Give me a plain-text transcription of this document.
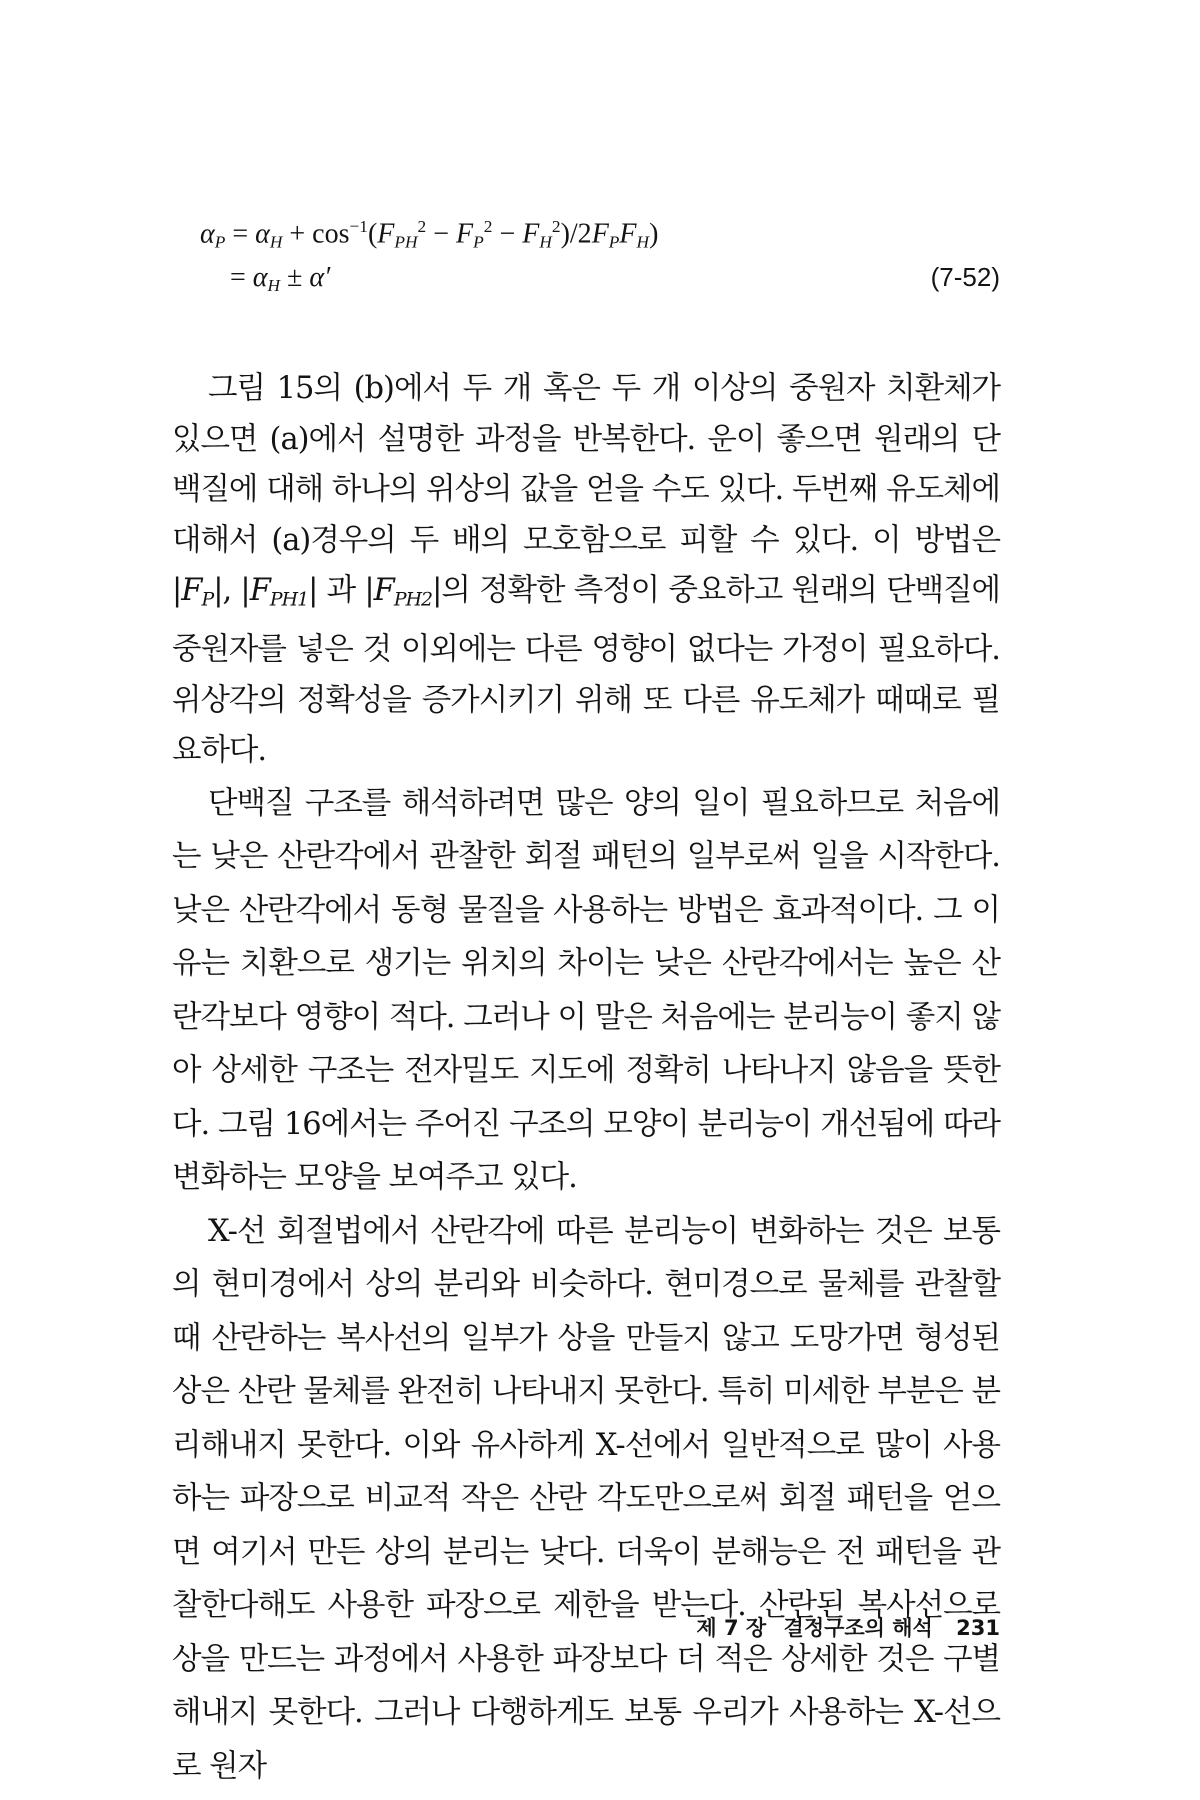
$\alpha_P = \alpha_H + \cos^{-1}(F_{PH}^2 - F_P^2 - F_H^2)/2F_PF_H$)
= $\alpha_H \pm \alpha'$	(7-52)

그림 15의 (b)에서 두 개 혹은 두 개 이상의 중원자 치환체가 있으면 (a)에서 설명한 과정을 반복한다. 운이 좋으면 원래의 단백질에 대해 하나의 위상의 값을 얻을 수도 있다. 두번째 유도체에 대해서 (a)경우의 두 배의 모호함으로 피할 수 있다. 이 방법은 $|F_P|$, $|F_{PH1}|$ 과 $|F_{PH2}|$의 정확한 측정이 중요하고 원래의 단백질에 중원자를 넣은 것 이외에는 다른 영향이 없다는 가정이 필요하다. 위상각의 정확성을 증가시키기 위해 또 다른 유도체가 때때로 필요하다.

단백질 구조를 해석하려면 많은 양의 일이 필요하므로 처음에는 낮은 산란각에서 관찰한 회절 패턴의 일부로써 일을 시작한다. 낮은 산란각에서 동형 물질을 사용하는 방법은 효과적이다. 그 이유는 치환으로 생기는 위치의 차이는 낮은 산란각에서는 높은 산란각보다 영향이 적다. 그러나 이 말은 처음에는 분리능이 좋지 않아 상세한 구조는 전자밀도 지도에 정확히 나타나지 않음을 뜻한다. 그림 16에서는 주어진 구조의 모양이 분리능이 개선됨에 따라 변화하는 모양을 보여주고 있다.

X-선 회절법에서 산란각에 따른 분리능이 변화하는 것은 보통의 현미경에서 상의 분리와 비슷하다. 현미경으로 물체를 관찰할 때 산란하는 복사선의 일부가 상을 만들지 않고 도망가면 형성된 상은 산란 물체를 완전히 나타내지 못한다. 특히 미세한 부분은 분리해내지 못한다. 이와 유사하게 X-선에서 일반적으로 많이 사용하는 파장으로 비교적 작은 산란 각도만으로써 회절 패턴을 얻으면 여기서 만든 상의 분리는 낮다. 더욱이 분해능은 전 패턴을 관찰한다해도 사용한 파장으로 제한을 받는다. 산란된 복사선으로 상을 만드는 과정에서 사용한 파장보다 더 적은 상세한 것은 구별해내지 못한다. 그러나 다행하게도 보통 우리가 사용하는 X-선으로 원자

제 7 장 결정구조의 해석 231
